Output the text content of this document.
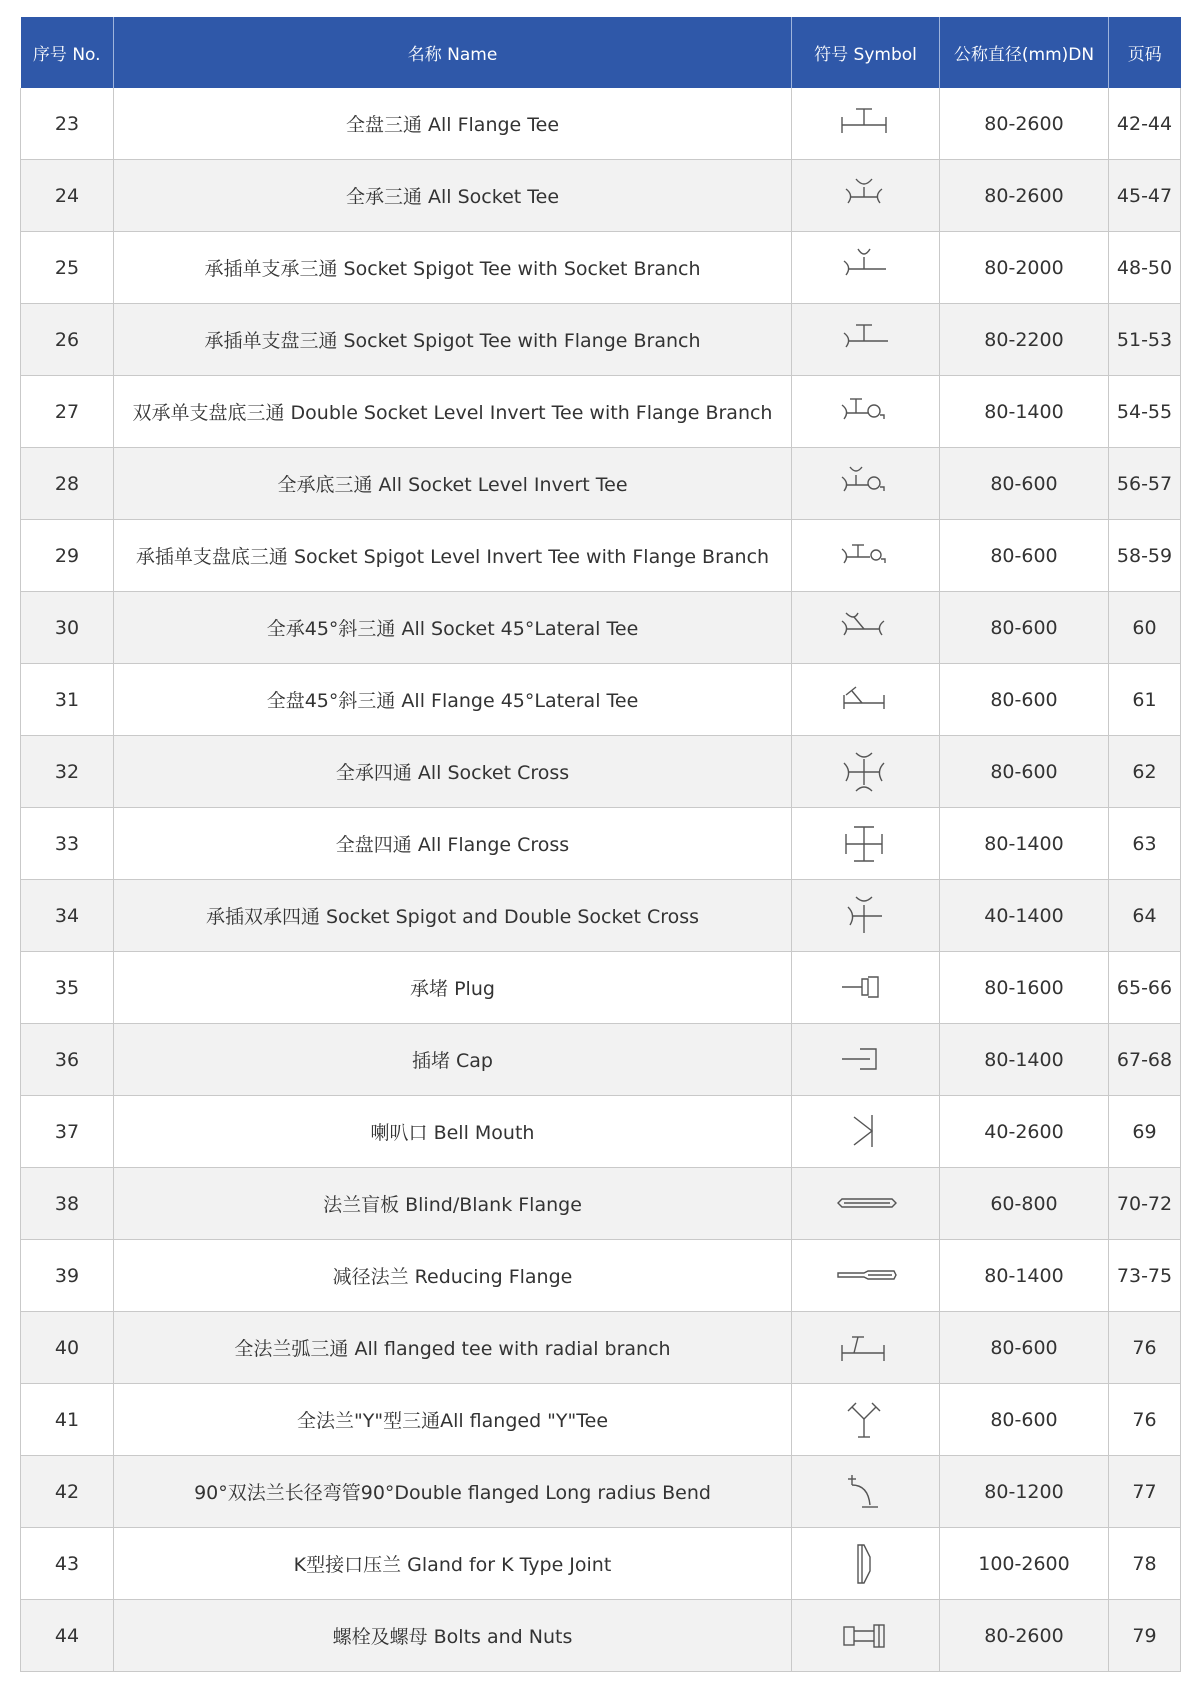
序号 No.	名称 Name	符号 Symbol	公称直径(mm)DN	页码
23	全盘三通 All Flange Tee		80-2600	42-44
24	全承三通 All Socket Tee		80-2600	45-47
25	承插单支承三通 Socket Spigot Tee with Socket Branch		80-2000	48-50
26	承插单支盘三通 Socket Spigot Tee with Flange Branch		80-2200	51-53
27	双承单支盘底三通 Double Socket Level Invert Tee with Flange Branch		80-1400	54-55
28	全承底三通 All Socket Level Invert Tee		80-600	56-57
29	承插单支盘底三通 Socket Spigot Level Invert Tee with Flange Branch		80-600	58-59
30	全承45°斜三通 All Socket 45°Lateral Tee		80-600	60
31	全盘45°斜三通 All Flange 45°Lateral Tee		80-600	61
32	全承四通 All Socket Cross		80-600	62
33	全盘四通 All Flange Cross		80-1400	63
34	承插双承四通 Socket Spigot and Double Socket Cross		40-1400	64
35	承堵 Plug		80-1600	65-66
36	插堵 Cap		80-1400	67-68
37	喇叭口 Bell Mouth		40-2600	69
38	法兰盲板 Blind/Blank Flange		60-800	70-72
39	减径法兰 Reducing Flange		80-1400	73-75
40	全法兰弧三通 All flanged tee with radial branch		80-600	76
41	全法兰"Y"型三通All flanged "Y"Tee		80-600	76
42	90°双法兰长径弯管90°Double flanged Long radius Bend		80-1200	77
43	K型接口压兰 Gland for K Type Joint		100-2600	78
44	螺栓及螺母 Bolts and Nuts		80-2600	79
